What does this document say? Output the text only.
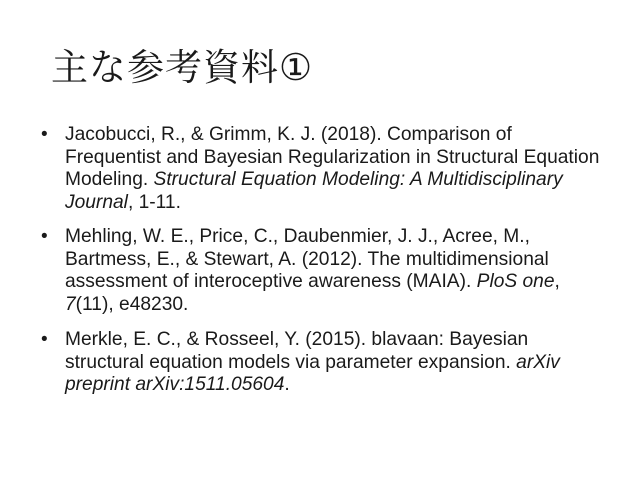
主な参考資料①
• Jacobucci, R., & Grimm, K. J. (2018). Comparison of Frequentist and Bayesian Regularization in Structural Equation Modeling. Structural Equation Modeling: A Multidisciplinary Journal, 1-11.
• Mehling, W. E., Price, C., Daubenmier, J. J., Acree, M., Bartmess, E., & Stewart, A. (2012). The multidimensional assessment of interoceptive awareness (MAIA). PloS one, 7(11), e48230.
• Merkle, E. C., & Rosseel, Y. (2015). blavaan: Bayesian structural equation models via parameter expansion. arXiv preprint arXiv:1511.05604.
